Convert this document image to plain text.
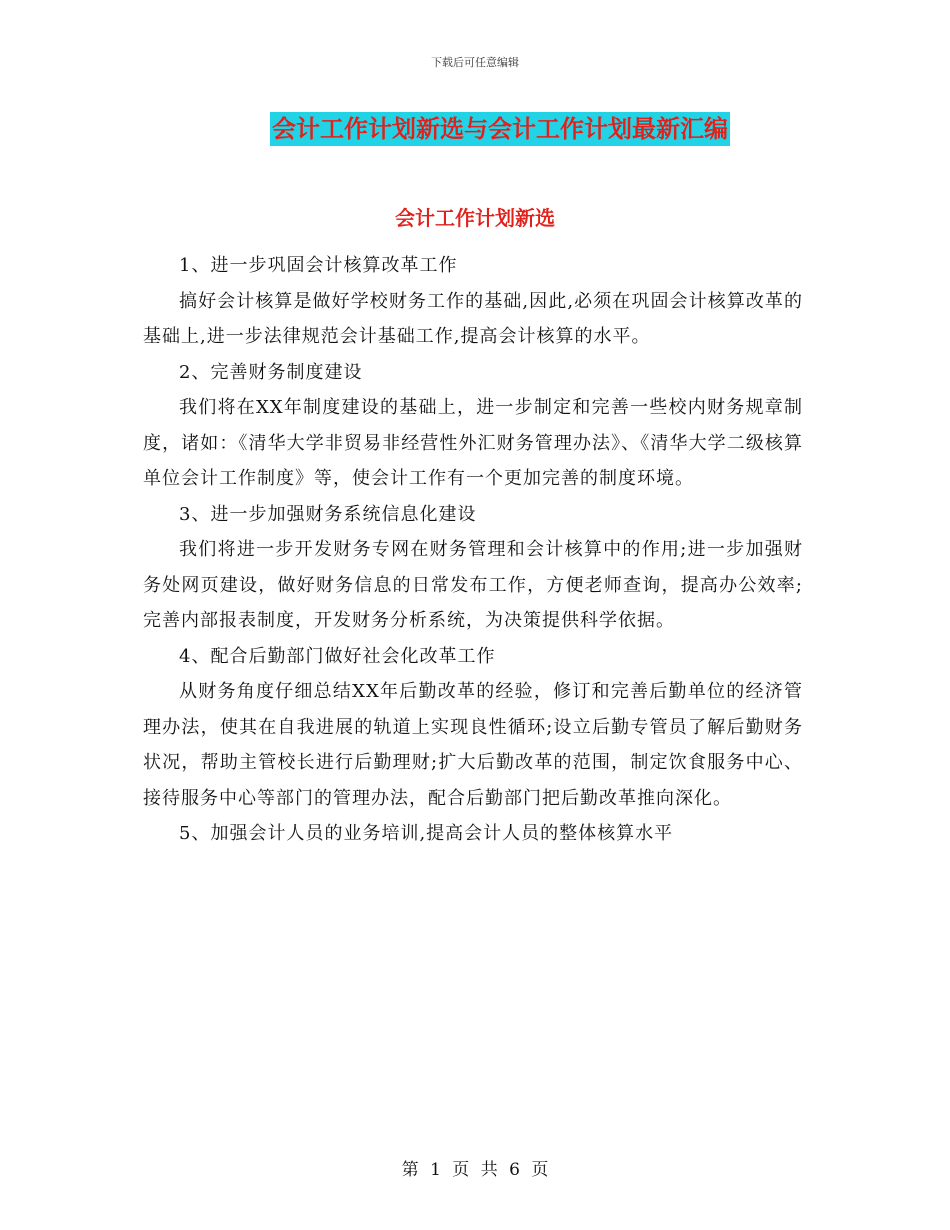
下载后可任意编辑
会计工作计划新选与会计工作计划最新汇编
会计工作计划新选

1、进一步巩固会计核算改革工作

搞好会计核算是做好学校财务工作的基础,因此,必须在巩固会计核算改革的基础上,进一步法律规范会计基础工作,提高会计核算的水平。

2、完善财务制度建设

我们将在XX年制度建设的基础上，进一步制定和完善一些校内财务规章制度，诸如：《清华大学非贸易非经营性外汇财务管理办法》、《清华大学二级核算单位会计工作制度》等，使会计工作有一个更加完善的制度环境。

3、进一步加强财务系统信息化建设

我们将进一步开发财务专网在财务管理和会计核算中的作用;进一步加强财务处网页建设，做好财务信息的日常发布工作，方便老师查询，提高办公效率;完善内部报表制度，开发财务分析系统，为决策提供科学依据。

4、配合后勤部门做好社会化改革工作

从财务角度仔细总结XX年后勤改革的经验，修订和完善后勤单位的经济管理办法，使其在自我进展的轨道上实现良性循环;设立后勤专管员了解后勤财务状况，帮助主管校长进行后勤理财;扩大后勤改革的范围，制定饮食服务中心、接待服务中心等部门的管理办法，配合后勤部门把后勤改革推向深化。

5、加强会计人员的业务培训,提高会计人员的整体核算水平

第 1 页 共 6 页
